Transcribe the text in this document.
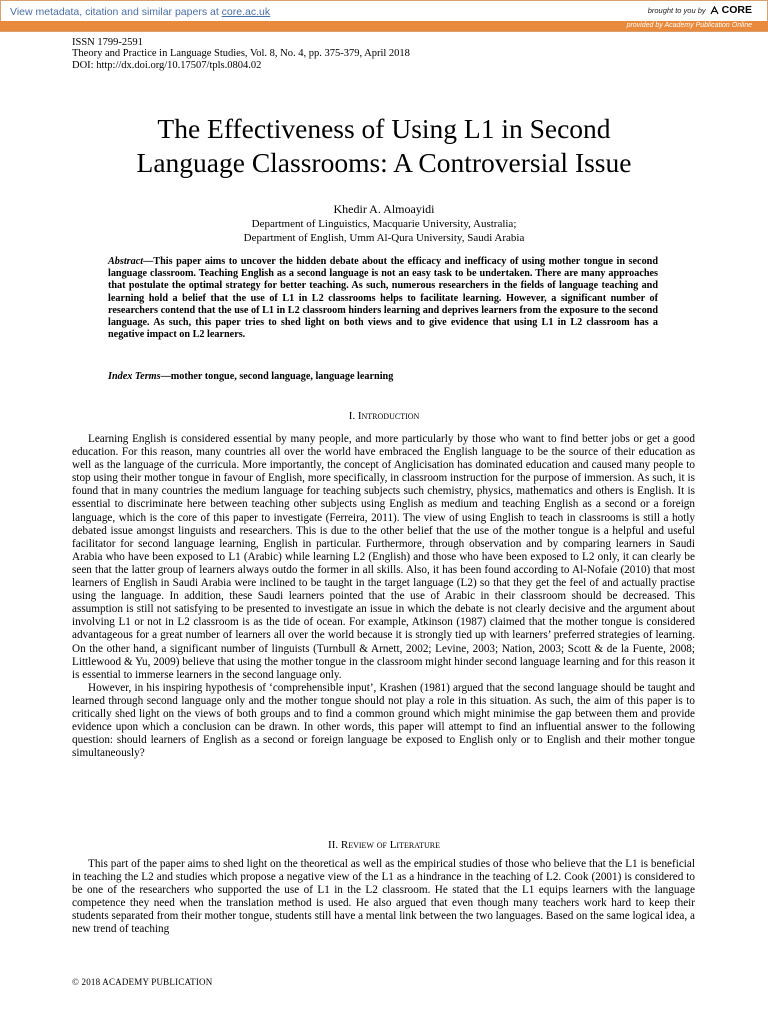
View metadata, citation and similar papers at core.ac.uk	brought to you by CORE
provided by Academy Publication Online
ISSN 1799-2591
Theory and Practice in Language Studies, Vol. 8, No. 4, pp. 375-379, April 2018
DOI: http://dx.doi.org/10.17507/tpls.0804.02
The Effectiveness of Using L1 in Second
Language Classrooms: A Controversial Issue
Khedir A. Almoayidi
Department of Linguistics, Macquarie University, Australia;
Department of English, Umm Al-Qura University, Saudi Arabia
Abstract—This paper aims to uncover the hidden debate about the efficacy and inefficacy of using mother tongue in second language classroom. Teaching English as a second language is not an easy task to be undertaken. There are many approaches that postulate the optimal strategy for better teaching. As such, numerous researchers in the fields of language teaching and learning hold a belief that the use of L1 in L2 classrooms helps to facilitate learning. However, a significant number of researchers contend that the use of L1 in L2 classroom hinders learning and deprives learners from the exposure to the second language. As such, this paper tries to shed light on both views and to give evidence that using L1 in L2 classroom has a negative impact on L2 learners.
Index Terms—mother tongue, second language, language learning
I. Introduction

Learning English is considered essential by many people, and more particularly by those who want to find better jobs or get a good education. For this reason, many countries all over the world have embraced the English language to be the source of their education as well as the language of the curricula. More importantly, the concept of Anglicisation has dominated education and caused many people to stop using their mother tongue in favour of English, more specifically, in classroom instruction for the purpose of immersion. As such, it is found that in many countries the medium language for teaching subjects such chemistry, physics, mathematics and others is English. It is essential to discriminate here between teaching other subjects using English as medium and teaching English as a second or a foreign language, which is the core of this paper to investigate (Ferreira, 2011). The view of using English to teach in classrooms is still a hotly debated issue amongst linguists and researchers. This is due to the other belief that the use of the mother tongue is a helpful and useful facilitator for second language learning, English in particular. Furthermore, through observation and by comparing learners in Saudi Arabia who have been exposed to L1 (Arabic) while learning L2 (English) and those who have been exposed to L2 only, it can clearly be seen that the latter group of learners always outdo the former in all skills. Also, it has been found according to Al-Nofaie (2010) that most learners of English in Saudi Arabia were inclined to be taught in the target language (L2) so that they get the feel of and actually practise using the language. In addition, these Saudi learners pointed that the use of Arabic in their classroom should be decreased. This assumption is still not satisfying to be presented to investigate an issue in which the debate is not clearly decisive and the argument about involving L1 or not in L2 classroom is as the tide of ocean. For example, Atkinson (1987) claimed that the mother tongue is considered advantageous for a great number of learners all over the world because it is strongly tied up with learners’ preferred strategies of learning. On the other hand, a significant number of linguists (Turnbull & Arnett, 2002; Levine, 2003; Nation, 2003; Scott & de la Fuente, 2008; Littlewood & Yu, 2009) believe that using the mother tongue in the classroom might hinder second language learning and for this reason it is essential to immerse learners in the second language only.

However, in his inspiring hypothesis of ‘comprehensible input’, Krashen (1981) argued that the second language should be taught and learned through second language only and the mother tongue should not play a role in this situation. As such, the aim of this paper is to critically shed light on the views of both groups and to find a common ground which might minimise the gap between them and provide evidence upon which a conclusion can be drawn. In other words, this paper will attempt to find an influential answer to the following question: should learners of English as a second or foreign language be exposed to English only or to English and their mother tongue simultaneously?

II. Review of Literature

This part of the paper aims to shed light on the theoretical as well as the empirical studies of those who believe that the L1 is beneficial in teaching the L2 and studies which propose a negative view of the L1 as a hindrance in the teaching of L2. Cook (2001) is considered to be one of the researchers who supported the use of L1 in the L2 classroom. He stated that the L1 equips learners with the language competence they need when the translation method is used. He also argued that even though many teachers work hard to keep their students separated from their mother tongue, students still have a mental link between the two languages. Based on the same logical idea, a new trend of teaching

© 2018 ACADEMY PUBLICATION
